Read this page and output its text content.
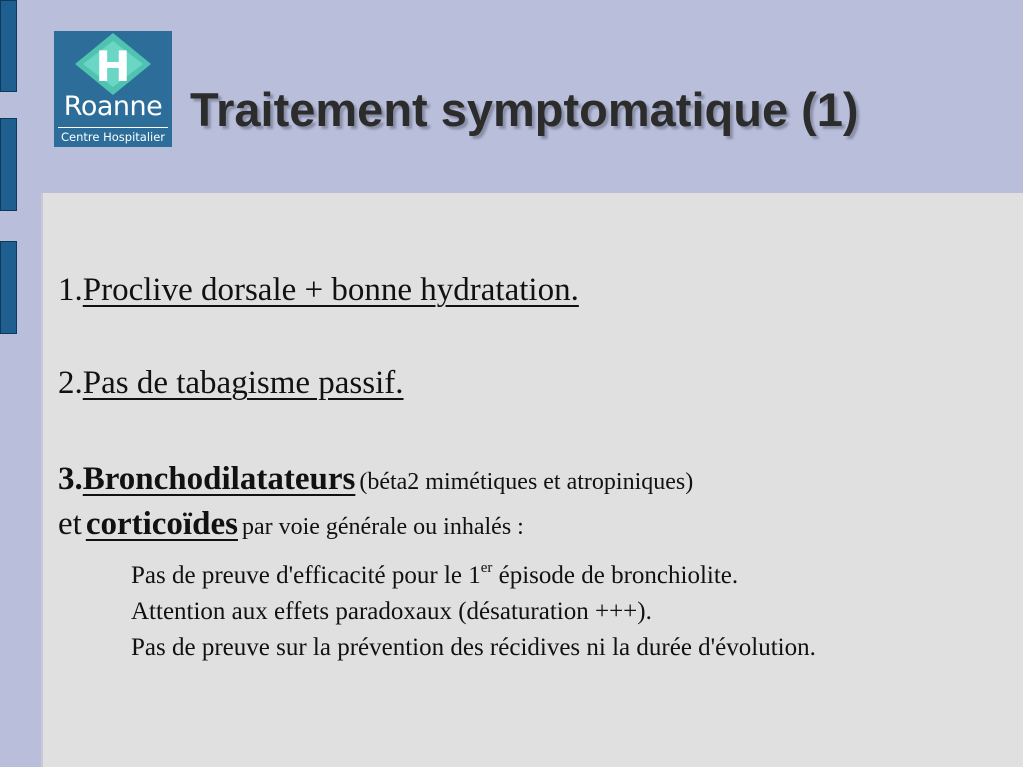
H
Roanne
Centre Hospitalier
Traitement symptomatique (1)
1.Proclive dorsale + bonne hydratation.
2.Pas de tabagisme passif.
3.Bronchodilatateurs (béta2 mimétiques et atropiniques)
et corticoïdes par voie générale ou inhalés :
Pas de preuve d'efficacité pour le 1er épisode de bronchiolite.
Attention aux effets paradoxaux (désaturation +++).
Pas de preuve sur la prévention des récidives ni la durée d'évolution.
